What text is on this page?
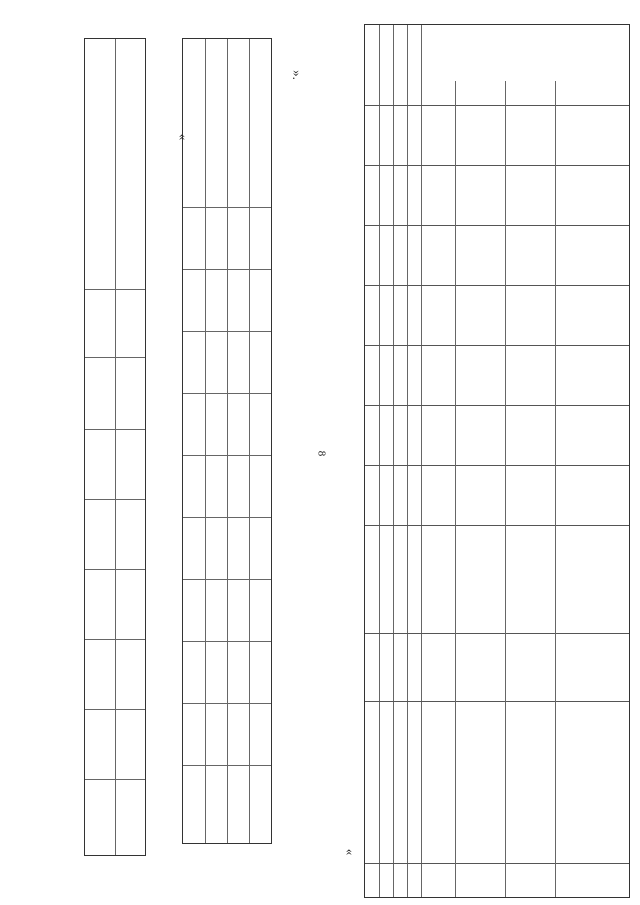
8
«
».
«
